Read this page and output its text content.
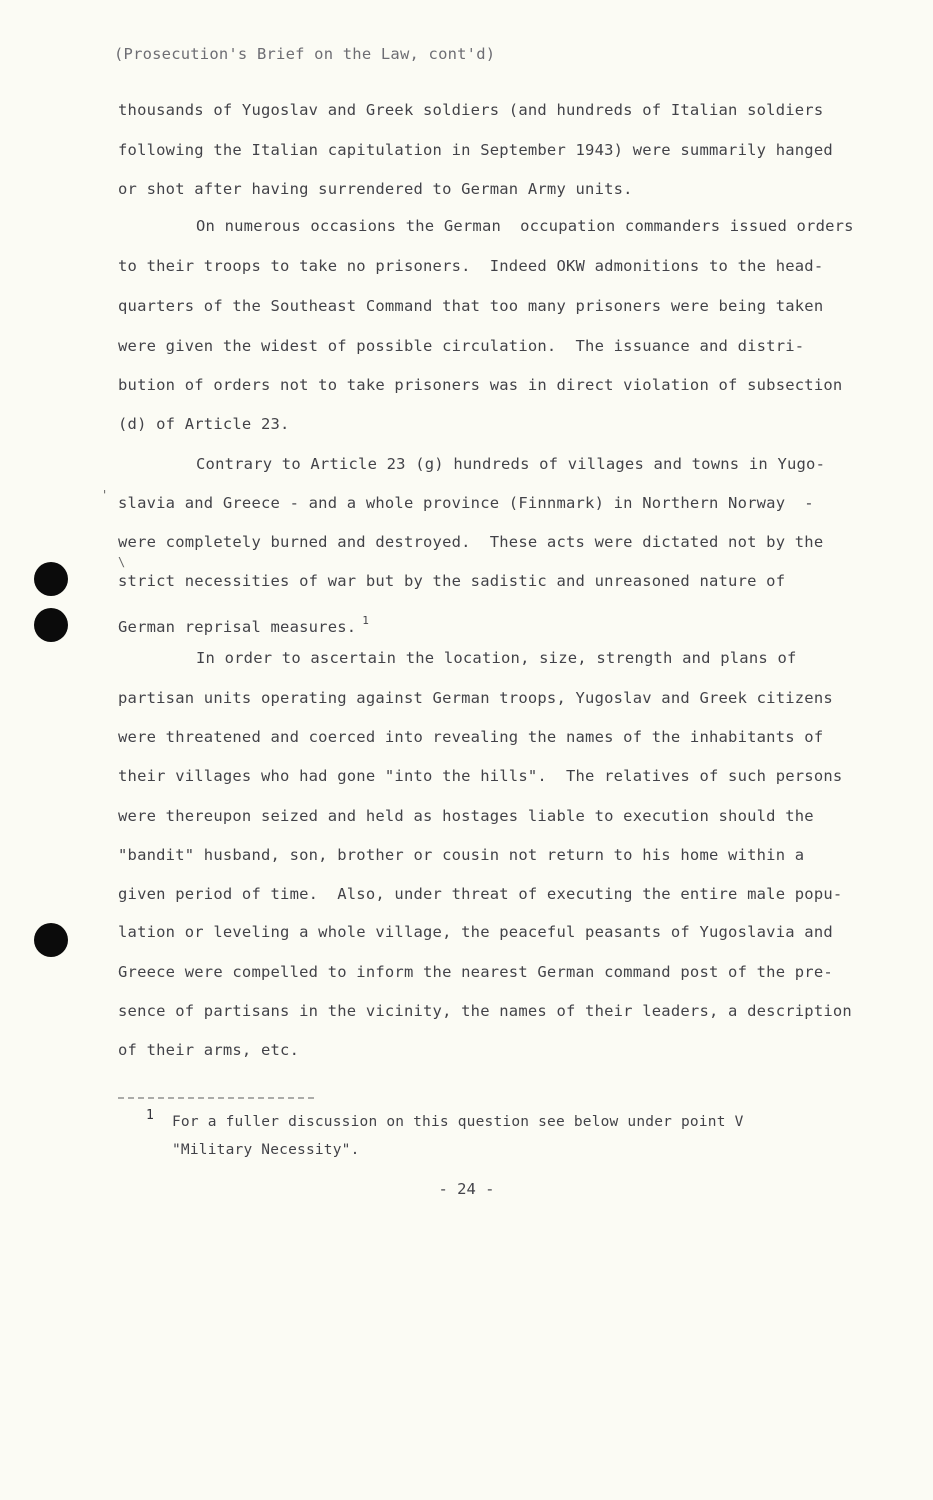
(Prosecution's Brief on the Law, cont'd)
thousands of Yugoslav and Greek soldiers (and hundreds of Italian soldiers
following the Italian capitulation in September 1943) were summarily hanged
or shot after having surrendered to German Army units.
On numerous occasions the German  occupation commanders issued orders
to their troops to take no prisoners.  Indeed OKW admonitions to the head-
quarters of the Southeast Command that too many prisoners were being taken
were given the widest of possible circulation.  The issuance and distri-
bution of orders not to take prisoners was in direct violation of subsection
(d) of Article 23.
Contrary to Article 23 (g) hundreds of villages and towns in Yugo-
slavia and Greece - and a whole province (Finnmark) in Northern Norway  -
were completely burned and destroyed.  These acts were dictated not by the
strict necessities of war but by the sadistic and unreasoned nature of
German reprisal measures. $^1$
In order to ascertain the location, size, strength and plans of
partisan units operating against German troops, Yugoslav and Greek citizens
were threatened and coerced into revealing the names of the inhabitants of
their villages who had gone "into the hills".  The relatives of such persons
were thereupon seized and held as hostages liable to execution should the
"bandit" husband, son, brother or cousin not return to his home within a
given period of time.  Also, under threat of executing the entire male popu-
lation or leveling a whole village, the peaceful peasants of Yugoslavia and
Greece were compelled to inform the nearest German command post of the pre-
sence of partisans in the vicinity, the names of their leaders, a description
of their arms, etc.
1 For a fuller discussion on this question see below under point V
"Military Necessity".
- 24 -
'
\
